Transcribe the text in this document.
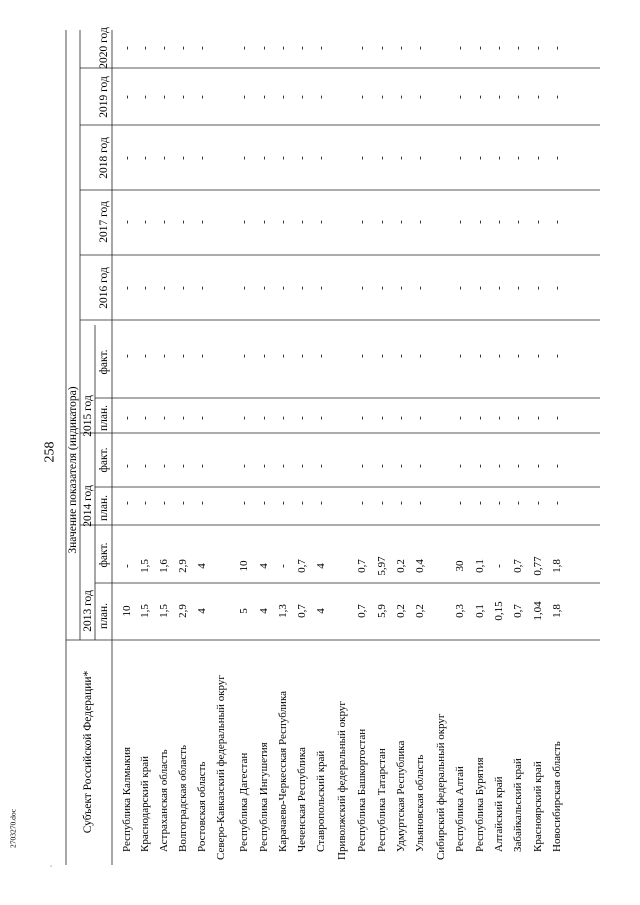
258
2703270.doc
.
Субъект Российской Федерации*
Значение показателя (индикатора)
2013 год
2014 год
2015 год
2016 год
2017 год
2018 год
2019 год
2020 год
план.
факт.
план.
факт.
план.
факт.
Республика Калмыкия
10
-
-
-
-
-
-
-
-
-
-
Краснодарский край
1,5
1,5
-
-
-
-
-
-
-
-
-
Астраханская область
1,5
1,6
-
-
-
-
-
-
-
-
-
Волгоградская область
2,9
2,9
-
-
-
-
-
-
-
-
-
Ростовская область
4
4
-
-
-
-
-
-
-
-
-
Северо-Кавказский федеральный округ Республика Дагестан
5
10
-
-
-
-
-
-
-
-
-
Республика Ингушетия
4
4
-
-
-
-
-
-
-
-
-
Карачаево-Черкесская Республика
1,3
-
-
-
-
-
-
-
-
-
-
Чеченская Республика
0,7
0,7
-
-
-
-
-
-
-
-
-
Ставропольский край
4
4
-
-
-
-
-
-
-
-
-
Приволжский федеральный округ Республика Башкортостан
0,7
0,7
-
-
-
-
-
-
-
-
-
Республика Татарстан
5,9
5,97
-
-
-
-
-
-
-
-
-
Удмуртская Республика
0,2
0,2
-
-
-
-
-
-
-
-
-
Ульяновская область
0,2
0,4
-
-
-
-
-
-
-
-
-
Сибирский федеральный округ Республика Алтай
0,3
30
-
-
-
-
-
-
-
-
-
Республика Бурятия
0,1
0,1
-
-
-
-
-
-
-
-
-
Алтайский край
0,15
-
-
-
-
-
-
-
-
-
-
Забайкальский край
0,7
0,7
-
-
-
-
-
-
-
-
-
Красноярский край
1,04
0,77
-
-
-
-
-
-
-
-
-
Новосибирская область
1,8
1,8
-
-
-
-
-
-
-
-
-
